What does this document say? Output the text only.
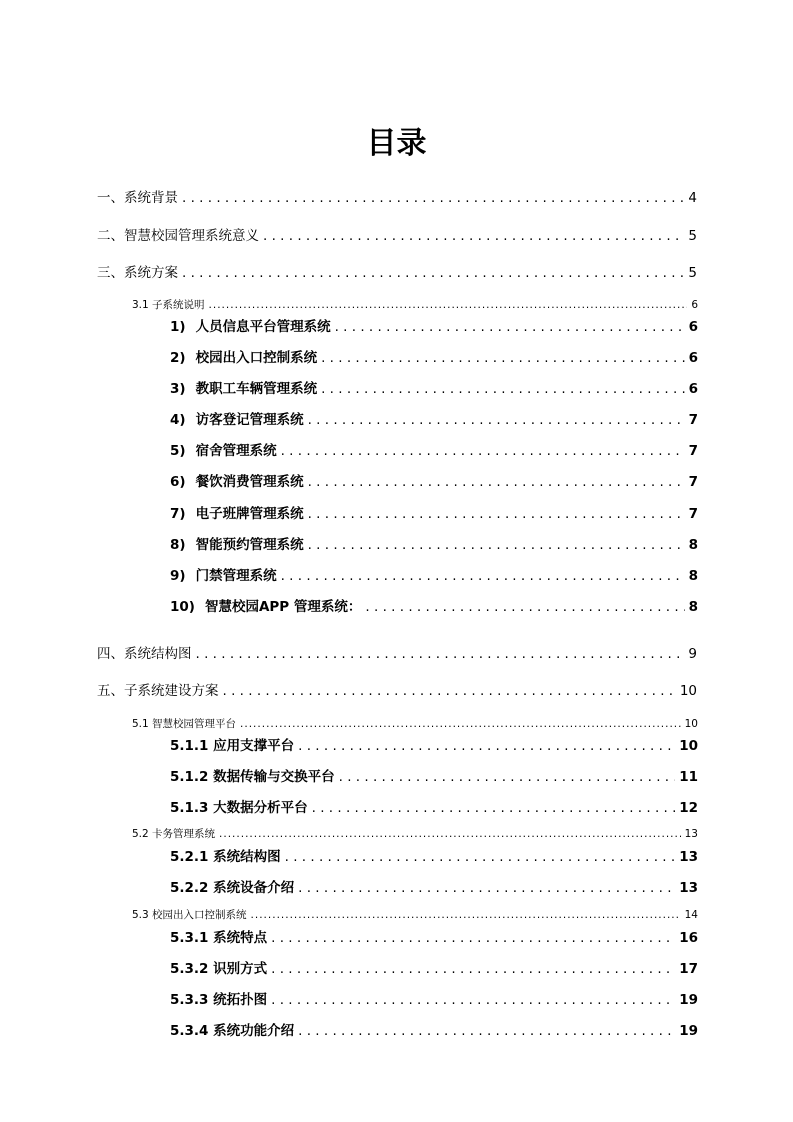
目录
一、 系统背景 . . .	4
二、 智慧校园管理系统意义 . . .	5
三、 系统方案 . . .	5
3.1 子系统说明 .....	6
1) 人员信息平台管理系统 . . .	6
2) 校园出入口控制系统 . . .	6
3) 教职工车辆管理系统 . . .	6
4) 访客登记管理系统 . . .	7
5) 宿舍管理系统 . . .	7
6) 餐饮消费管理系统 . . .	7
7) 电子班牌管理系统 . . .	7
8) 智能预约管理系统 . . .	8
9) 门禁管理系统 . . .	8
10) 智慧校园APP 管理系统： . . .	8
四、 系统结构图 . . .	9
五、 子系统建设方案 . . .	10
5.1 智慧校园管理平台 .....	10
5.1.1 应用支撑平台 . . .	10
5.1.2 数据传输与交换平台 . . .	11
5.1.3 大数据分析平台 . . .	12
5.2 卡务管理系统 .....	13
5.2.1 系统结构图 . . .	13
5.2.2 系统设备介绍 . . .	13
5.3 校园出入口控制系统 .....	14
5.3.1 系统特点 . . .	16
5.3.2 识别方式 . . .	17
5.3.3 统拓扑图 . . .	19
5.3.4 系统功能介绍 . . .	19
